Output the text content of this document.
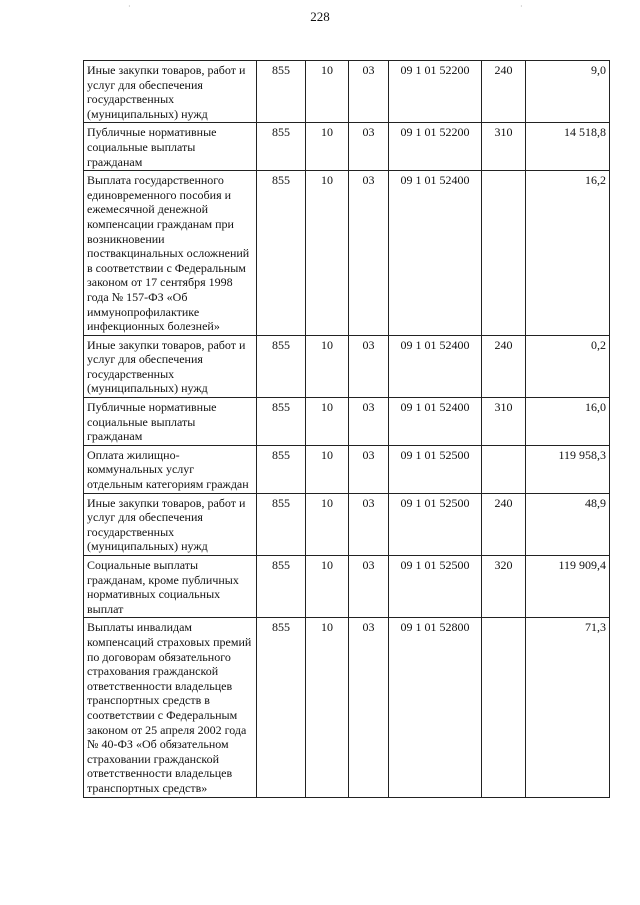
·	·
228
Иные закупки товаров, работ и услуг для обеспечения государственных (муниципальных) нужд	855	10	03	09 1 01 52200	240	9,0
Публичные нормативные социальные выплаты гражданам	855	10	03	09 1 01 52200	310	14 518,8
Выплата государственного единовременного пособия и ежемесячной денежной компенсации гражданам при возникновении поствакцинальных осложнений в соответствии с Федеральным законом от 17 сентября 1998 года № 157-ФЗ «Об иммунопрофилактике инфекционных болезней»	855	10	03	09 1 01 52400		16,2
Иные закупки товаров, работ и услуг для обеспечения государственных (муниципальных) нужд	855	10	03	09 1 01 52400	240	0,2
Публичные нормативные социальные выплаты гражданам	855	10	03	09 1 01 52400	310	16,0
Оплата жилищно-коммунальных услуг отдельным категориям граждан	855	10	03	09 1 01 52500		119 958,3
Иные закупки товаров, работ и услуг для обеспечения государственных (муниципальных) нужд	855	10	03	09 1 01 52500	240	48,9
Социальные выплаты гражданам, кроме публичных нормативных социальных выплат	855	10	03	09 1 01 52500	320	119 909,4
Выплаты инвалидам компенсаций страховых премий по договорам обязательного страхования гражданской ответственности владельцев транспортных средств в соответствии с Федеральным законом от 25 апреля 2002 года № 40-ФЗ «Об обязательном страховании гражданской ответственности владельцев транспортных средств»	855	10	03	09 1 01 52800		71,3
